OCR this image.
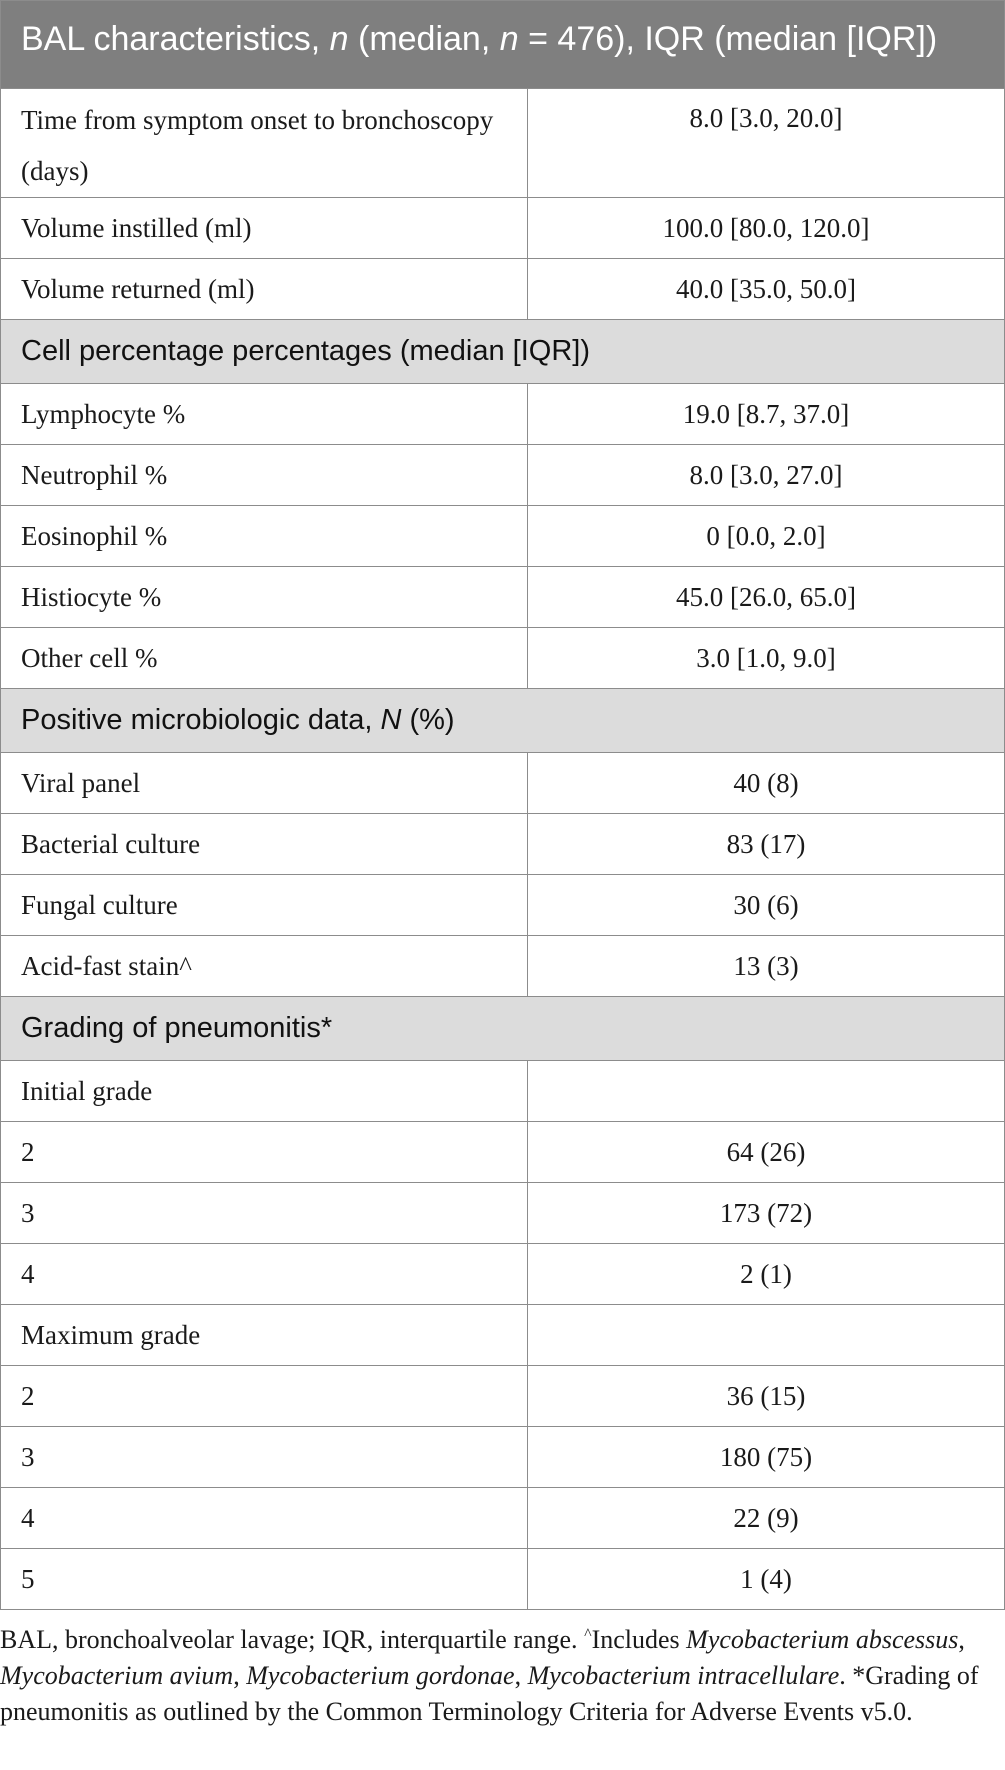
BAL characteristics, n (median, n = 476), IQR (median [IQR])	
Time from symptom onset to bronchoscopy (days)	8.0 [3.0, 20.0]
Volume instilled (ml)	100.0 [80.0, 120.0]
Volume returned (ml)	40.0 [35.0, 50.0]
Cell percentage percentages (median [IQR])	
Lymphocyte %	19.0 [8.7, 37.0]
Neutrophil %	8.0 [3.0, 27.0]
Eosinophil %	0 [0.0, 2.0]
Histiocyte %	45.0 [26.0, 65.0]
Other cell %	3.0 [1.0, 9.0]
Positive microbiologic data, N (%)	
Viral panel	40 (8)
Bacterial culture	83 (17)
Fungal culture	30 (6)
Acid-fast stain^	13 (3)
Grading of pneumonitis*	
Initial grade	
2	64 (26)
3	173 (72)
4	2 (1)
Maximum grade	
2	36 (15)
3	180 (75)
4	22 (9)
5	1 (4)
BAL, bronchoalveolar lavage; IQR, interquartile range. ^Includes Mycobacterium abscessus, Mycobacterium avium, Mycobacterium gordonae, Mycobacterium intracellulare. *Grading of pneumonitis as outlined by the Common Terminology Criteria for Adverse Events v5.0.
